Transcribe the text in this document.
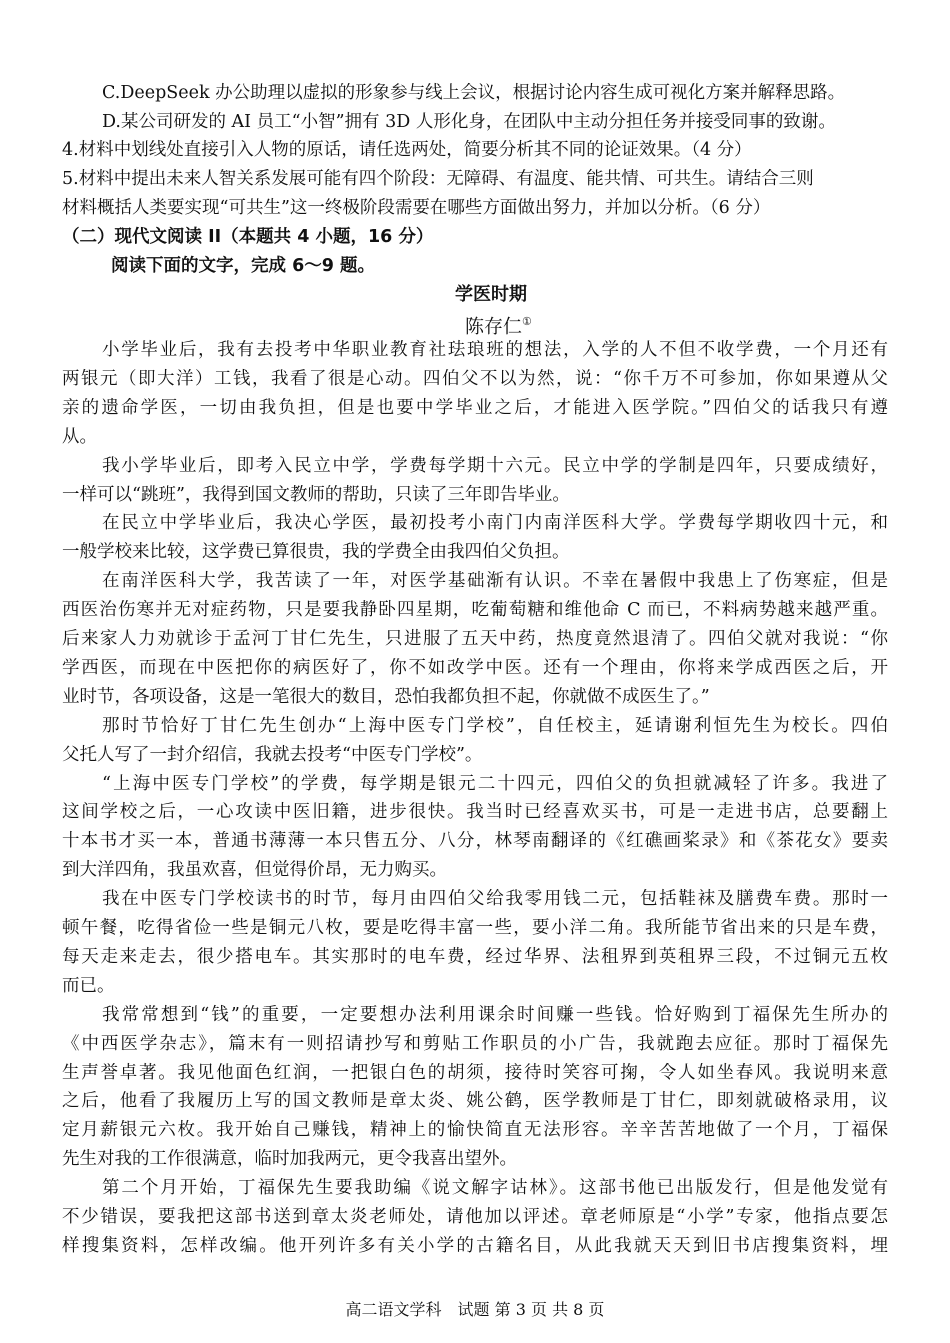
C.DeepSeek 办公助理以虚拟的形象参与线上会议，根据讨论内容生成可视化方案并解释思路。
D.某公司研发的 AI 员工“小智”拥有 3D 人形化身，在团队中主动分担任务并接受同事的致谢。
4.材料中划线处直接引入人物的原话，请任选两处，简要分析其不同的论证效果。（4 分）
5.材料中提出未来人智关系发展可能有四个阶段：无障碍、有温度、能共情、可共生。请结合三则
材料概括人类要实现“可共生”这一终极阶段需要在哪些方面做出努力，并加以分析。（6 分）
（二）现代文阅读 II（本题共 4 小题，16 分）
阅读下面的文字，完成 6～9 题。
学医时期
陈存仁①
小学毕业后，我有去投考中华职业教育社珐琅班的想法，入学的人不但不收学费，一个月还有
两银元（即大洋）工钱，我看了很是心动。四伯父不以为然，说：“你千万不可参加，你如果遵从父
亲的遗命学医，一切由我负担，但是也要中学毕业之后，才能进入医学院。”四伯父的话我只有遵
从。
我小学毕业后，即考入民立中学，学费每学期十六元。民立中学的学制是四年，只要成绩好，
一样可以“跳班”，我得到国文教师的帮助，只读了三年即告毕业。
在民立中学毕业后，我决心学医，最初投考小南门内南洋医科大学。学费每学期收四十元，和
一般学校来比较，这学费已算很贵，我的学费全由我四伯父负担。
在南洋医科大学，我苦读了一年，对医学基础渐有认识。不幸在暑假中我患上了伤寒症，但是
西医治伤寒并无对症药物，只是要我静卧四星期，吃葡萄糖和维他命 C 而已，不料病势越来越严重。
后来家人力劝就诊于孟河丁甘仁先生，只进服了五天中药，热度竟然退清了。四伯父就对我说：“你
学西医，而现在中医把你的病医好了，你不如改学中医。还有一个理由，你将来学成西医之后，开
业时节，各项设备，这是一笔很大的数目，恐怕我都负担不起，你就做不成医生了。”
那时节恰好丁甘仁先生创办“上海中医专门学校”，自任校主，延请谢利恒先生为校长。四伯
父托人写了一封介绍信，我就去投考“中医专门学校”。
“上海中医专门学校”的学费，每学期是银元二十四元，四伯父的负担就减轻了许多。我进了
这间学校之后，一心攻读中医旧籍，进步很快。我当时已经喜欢买书，可是一走进书店，总要翻上
十本书才买一本，普通书薄薄一本只售五分、八分，林琴南翻译的《红礁画桨录》和《茶花女》要卖
到大洋四角，我虽欢喜，但觉得价昂，无力购买。
我在中医专门学校读书的时节，每月由四伯父给我零用钱二元，包括鞋袜及膳费车费。那时一
顿午餐，吃得省俭一些是铜元八枚，要是吃得丰富一些，要小洋二角。我所能节省出来的只是车费，
每天走来走去，很少搭电车。其实那时的电车费，经过华界、法租界到英租界三段，不过铜元五枚
而已。
我常常想到“钱”的重要，一定要想办法利用课余时间赚一些钱。恰好购到丁福保先生所办的
《中西医学杂志》，篇末有一则招请抄写和剪贴工作职员的小广告，我就跑去应征。那时丁福保先
生声誉卓著。我见他面色红润，一把银白色的胡须，接待时笑容可掬，令人如坐春风。我说明来意
之后，他看了我履历上写的国文教师是章太炎、姚公鹤，医学教师是丁甘仁，即刻就破格录用，议
定月薪银元六枚。我开始自己赚钱，精神上的愉快简直无法形容。辛辛苦苦地做了一个月，丁福保
先生对我的工作很满意，临时加我两元，更令我喜出望外。
第二个月开始，丁福保先生要我助编《说文解字诂林》。这部书他已出版发行，但是他发觉有
不少错误，要我把这部书送到章太炎老师处，请他加以评述。章老师原是“小学”专家，他指点要怎
样搜集资料，怎样改编。他开列许多有关小学的古籍名目，从此我就天天到旧书店搜集资料，埋
高二语文学科　试题 第 3 页 共 8 页
